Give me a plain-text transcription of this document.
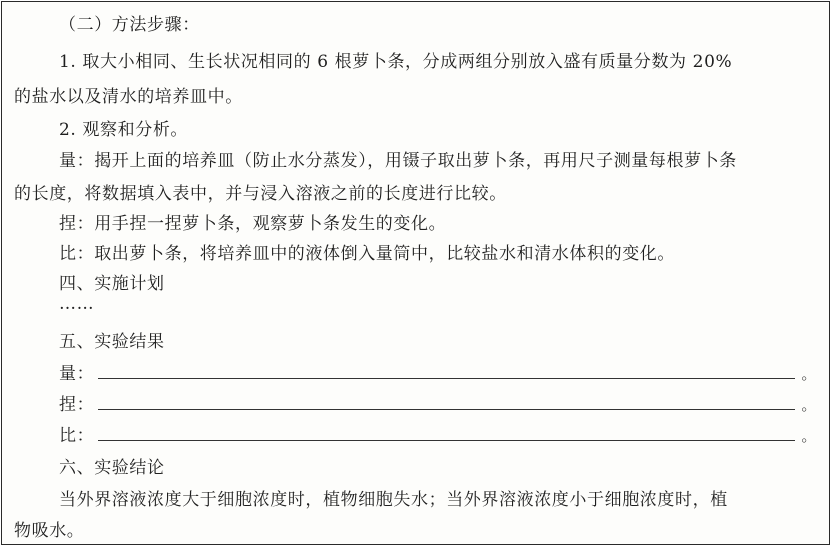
（二）方法步骤：
1. 取大小相同、生长状况相同的 6 根萝卜条，分成两组分别放入盛有质量分数为 20%
的盐水以及清水的培养皿中。
2. 观察和分析。
量：揭开上面的培养皿（防止水分蒸发），用镊子取出萝卜条，再用尺子测量每根萝卜条
的长度，将数据填入表中，并与浸入溶液之前的长度进行比较。
捏：用手捏一捏萝卜条，观察萝卜条发生的变化。
比：取出萝卜条，将培养皿中的液体倒入量筒中，比较盐水和清水体积的变化。
四、实施计划
……
五、实验结果
量：	。
捏：	。
比：	。
六、实验结论
当外界溶液浓度大于细胞浓度时，植物细胞失水；当外界溶液浓度小于细胞浓度时，植
物吸水。
